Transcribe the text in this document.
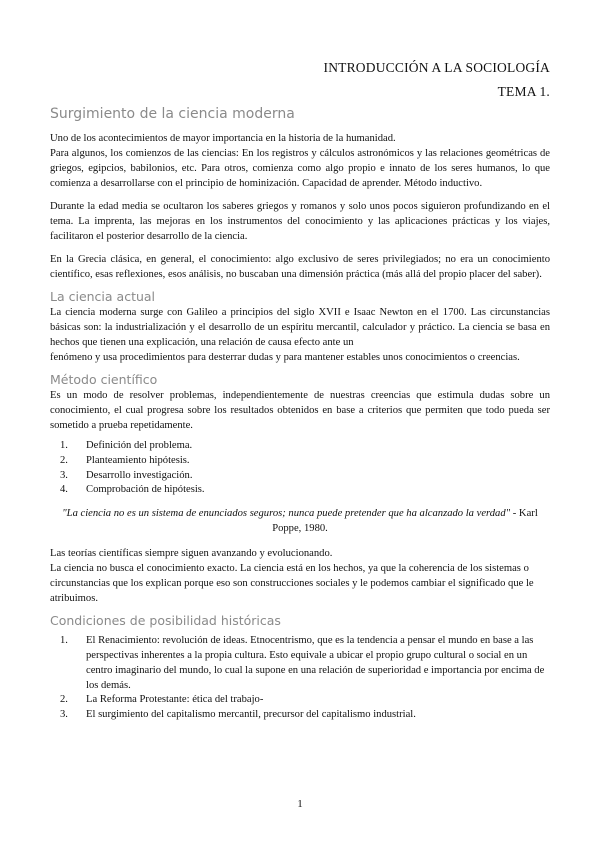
INTRODUCCIÓN A LA SOCIOLOGÍA
TEMA 1.
Surgimiento de la ciencia moderna

Uno de los acontecimientos de mayor importancia en la historia de la humanidad.

Para algunos, los comienzos de las ciencias: En los registros y cálculos astronómicos y las relaciones geométricas de griegos, egipcios, babilonios, etc. Para otros, comienza como algo propio e innato de los seres humanos, lo que comienza a desarrollarse con el principio de hominización. Capacidad de aprender. Método inductivo.

Durante la edad media se ocultaron los saberes griegos y romanos y solo unos pocos siguieron profundizando en el tema. La imprenta, las mejoras en los instrumentos del conocimiento y las aplicaciones prácticas y los viajes, facilitaron el posterior desarrollo de la ciencia.

En la Grecia clásica, en general, el conocimiento: algo exclusivo de seres privilegiados; no era un conocimiento científico, esas reflexiones, esos análisis, no buscaban una dimensión práctica (más allá del propio placer del saber).

La ciencia actual

La ciencia moderna surge con Galileo a principios del siglo XVII e Isaac Newton en el 1700. Las circunstancias básicas son: la industrialización y el desarrollo de un espíritu mercantil, calculador y práctico. La ciencia se basa en hechos que tienen una explicación, una relación de causa efecto ante un

fenómeno y usa procedimientos para desterrar dudas y para mantener estables unos conocimientos o creencias.

Método científico

Es un modo de resolver problemas, independientemente de nuestras creencias que estimula dudas sobre un conocimiento, el cual progresa sobre los resultados obtenidos en base a criterios que permiten que todo pueda ser sometido a prueba repetidamente.

1. Definición del problema.
2. Planteamiento hipótesis.
3. Desarrollo investigación.
4. Comprobación de hipótesis.
"La ciencia no es un sistema de enunciados seguros; nunca puede pretender que ha alcanzado la verdad" - Karl Poppe, 1980.

Las teorías científicas siempre siguen avanzando y evolucionando.

La ciencia no busca el conocimiento exacto. La ciencia está en los hechos, ya que la coherencia de los sistemas o circunstancias que los explican porque eso son construcciones sociales y le podemos cambiar el significado que le atribuimos.

Condiciones de posibilidad históricas
1. El Renacimiento: revolución de ideas. Etnocentrismo, que es la tendencia a pensar el mundo en base a las perspectivas inherentes a la propia cultura. Esto equivale a ubicar el propio grupo cultural o social en un centro imaginario del mundo, lo cual la supone en una relación de superioridad e importancia por encima de los demás.
2. La Reforma Protestante: ética del trabajo-
3. El surgimiento del capitalismo mercantil, precursor del capitalismo industrial.
1
